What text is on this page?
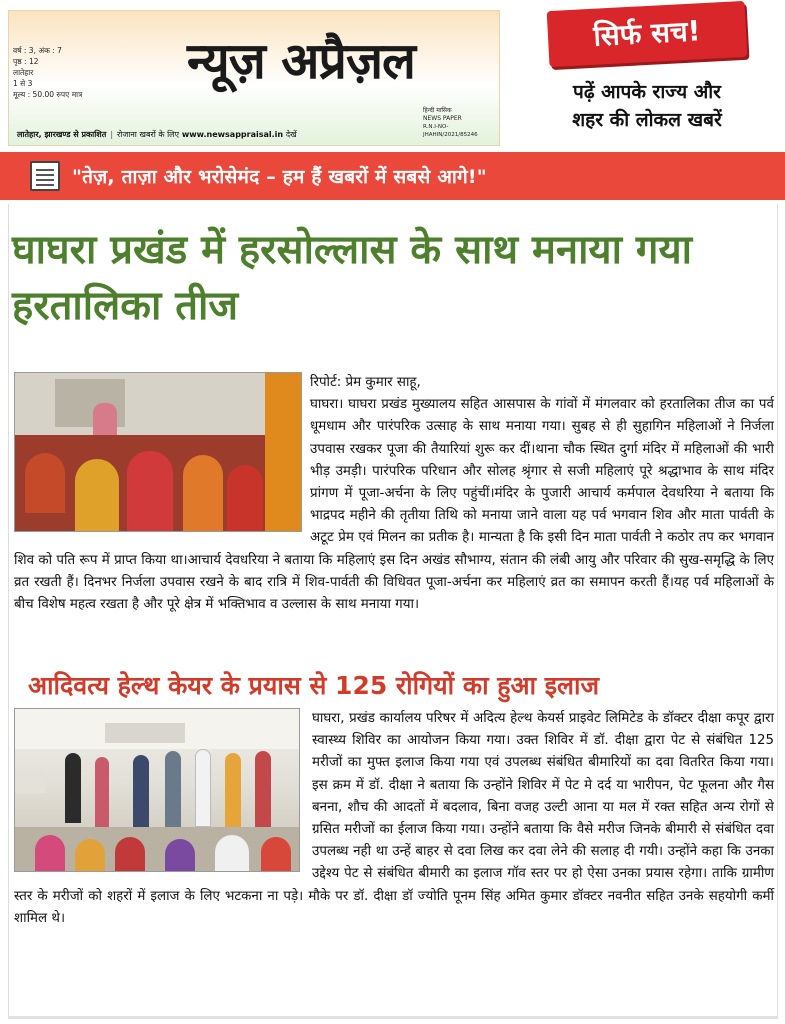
वर्ष : 3, अंक : 7
पृष्ठ : 12
लातेहार
1 से 3
मूल्य : 50.00 रुपए मात्र
न्यूज़ अप्रैज़ल
हिन्दी मासिक
NEWS PAPER
R.N.I-NO- JHAHIN/2021/85246
लातेहार, झारखण्ड से प्रकाशित | रोजाना खबरों के लिए www.newsappraisal.in देखें
सिर्फ सच!
पढ़ें आपके राज्य और
शहर की लोकल खबरें
"तेज़, ताज़ा और भरोसेमंद – हम हैं खबरों में सबसे आगे!"
घाघरा प्रखंड में हरसोल्लास के साथ मनाया गया हरतालिका तीज
रिपोर्ट: प्रेम कुमार साहू,
घाघरा। घाघरा प्रखंड मुख्यालय सहित आसपास के गांवों में मंगलवार को हरतालिका तीज का पर्व धूमधाम और पारंपरिक उत्साह के साथ मनाया गया। सुबह से ही सुहागिन महिलाओं ने निर्जला उपवास रखकर पूजा की तैयारियां शुरू कर दीं।थाना चौक स्थित दुर्गा मंदिर में महिलाओं की भारी भीड़ उमड़ी। पारंपरिक परिधान और सोलह श्रृंगार से सजी महिलाएं पूरे श्रद्धाभाव के साथ मंदिर प्रांगण में पूजा-अर्चना के लिए पहुंचीं।मंदिर के पुजारी आचार्य कर्मपाल देवधरिया ने बताया कि भाद्रपद महीने की तृतीया तिथि को मनाया जाने वाला यह पर्व भगवान शिव और माता पार्वती के अटूट प्रेम एवं मिलन का प्रतीक है। मान्यता है कि इसी दिन माता पार्वती ने कठोर तप कर भगवान शिव को पति रूप में प्राप्त किया था।आचार्य देवधरिया ने बताया कि महिलाएं इस दिन अखंड सौभाग्य, संतान की लंबी आयु और परिवार की सुख-समृद्धि के लिए व्रत रखती हैं। दिनभर निर्जला उपवास रखने के बाद रात्रि में शिव-पार्वती की विधिवत पूजा-अर्चना कर महिलाएं व्रत का समापन करती हैं।यह पर्व महिलाओं के बीच विशेष महत्व रखता है और पूरे क्षेत्र में भक्तिभाव व उल्लास के साथ मनाया गया।
आदिवत्य हेल्थ केयर के प्रयास से 125 रोगियों का हुआ इलाज
घाघरा, प्रखंड कार्यालय परिषर में अदित्य हेल्थ केयर्स प्राइवेट लिमिटेड के डॉक्टर दीक्षा कपूर द्वारा स्वास्थ्य शिविर का आयोजन किया गया। उक्त शिविर में डॉ. दीक्षा द्वारा पेट से संबंधित 125 मरीजों का मुफ्त इलाज किया गया एवं उपलब्ध संबंधित बीमारियों का दवा वितरित किया गया। इस क्रम में डॉ. दीक्षा ने बताया कि उन्होंने शिविर में पेट मे दर्द या भारीपन, पेट फूलना और गैस बनना, शौच की आदतों में बदलाव, बिना वजह उल्टी आना या मल में रक्त सहित अन्य रोगों से ग्रसित मरीजों का ईलाज किया गया। उन्होंने बताया कि वैसे मरीज जिनके बीमारी से संबंधित दवा उपलब्ध नही था उन्हें बाहर से दवा लिख कर दवा लेने की सलाह दी गयी। उन्होंने कहा कि उनका उद्देश्य पेट से संबंधित बीमारी का इलाज गॉव स्तर पर हो ऐसा उनका प्रयास रहेगा। ताकि ग्रामीण स्तर के मरीजों को शहरों में इलाज के लिए भटकना ना पड़े। मौके पर डॉ. दीक्षा डॉ ज्योति पूनम सिंह अमित कुमार डॉक्टर नवनीत सहित उनके सहयोगी कर्मी शामिल थे।
